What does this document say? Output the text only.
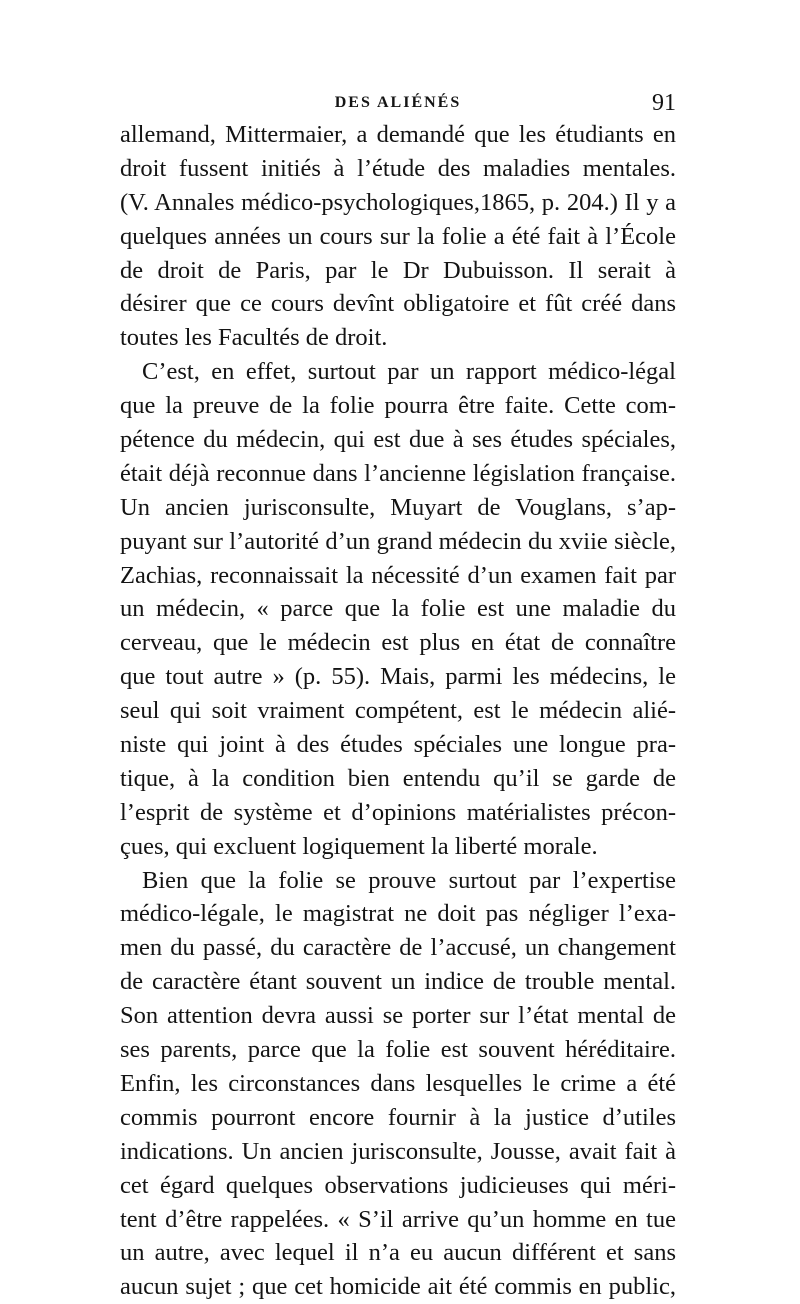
DES ALIÉNÉS	91
allemand, Mittermaier, a demandé que les étudiants en
droit fussent initiés à l’étude des maladies mentales.
(V. Annales médico-psychologiques,1865, p. 204.) Il y a
quelques années un cours sur la folie a été fait à l’École
de droit de Paris, par le Dr Dubuisson. Il serait à
désirer que ce cours devînt obligatoire et fût créé dans
toutes les Facultés de droit.
C’est, en effet, surtout par un rapport médico-légal
que la preuve de la folie pourra être faite. Cette com-
pétence du médecin, qui est due à ses études spéciales,
était déjà reconnue dans l’ancienne législation française.
Un ancien jurisconsulte, Muyart de Vouglans, s’ap-
puyant sur l’autorité d’un grand médecin du xviie siècle,
Zachias, reconnaissait la nécessité d’un examen fait par
un médecin, « parce que la folie est une maladie du
cerveau, que le médecin est plus en état de connaître
que tout autre » (p. 55). Mais, parmi les médecins, le
seul qui soit vraiment compétent, est le médecin alié-
niste qui joint à des études spéciales une longue pra-
tique, à la condition bien entendu qu’il se garde de
l’esprit de système et d’opinions matérialistes précon-
çues, qui excluent logiquement la liberté morale.
Bien que la folie se prouve surtout par l’expertise
médico-légale, le magistrat ne doit pas négliger l’exa-
men du passé, du caractère de l’accusé, un changement
de caractère étant souvent un indice de trouble mental.
Son attention devra aussi se porter sur l’état mental de
ses parents, parce que la folie est souvent héréditaire.
Enfin, les circonstances dans lesquelles le crime a été
commis pourront encore fournir à la justice d’utiles
indications. Un ancien jurisconsulte, Jousse, avait fait à
cet égard quelques observations judicieuses qui méri-
tent d’être rappelées. « S’il arrive qu’un homme en tue
un autre, avec lequel il n’a eu aucun différent et sans
aucun sujet ; que cet homicide ait été commis en public,
